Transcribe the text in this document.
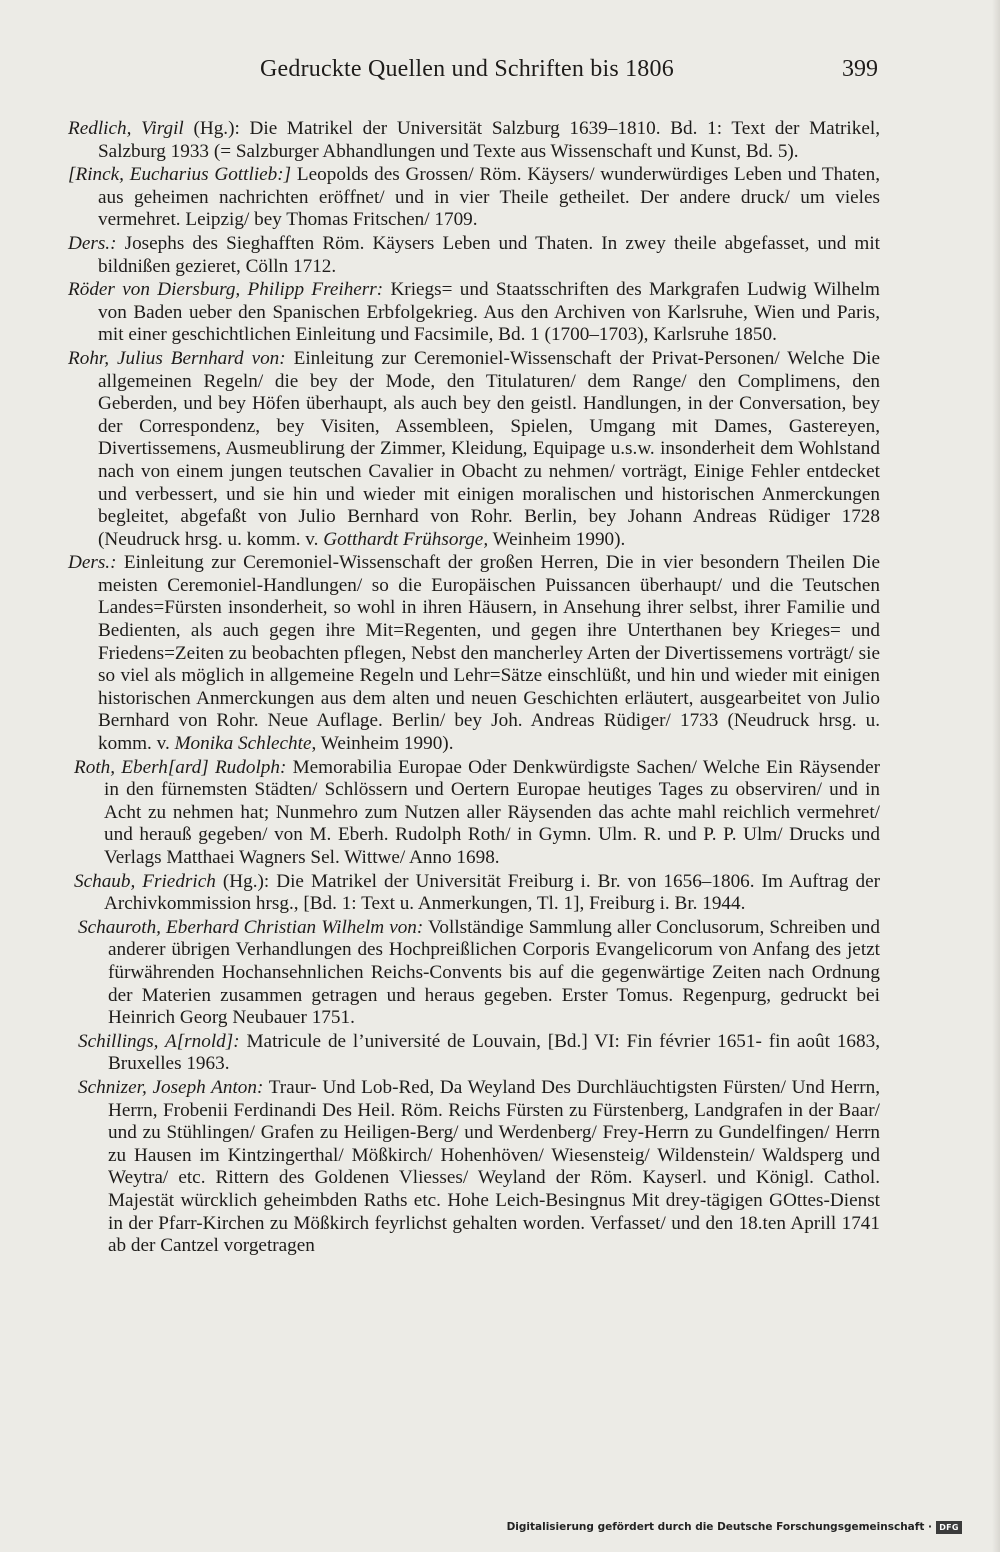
Gedruckte Quellen und Schriften bis 1806	399

Redlich, Virgil (Hg.): Die Matrikel der Universität Salzburg 1639–1810. Bd. 1: Text der Matrikel, Salzburg 1933 (= Salzburger Abhandlungen und Texte aus Wissenschaft und Kunst, Bd. 5).

[Rinck, Eucharius Gottlieb:] Leopolds des Grossen/ Röm. Käysers/ wunderwürdiges Leben und Thaten, aus geheimen nachrichten eröffnet/ und in vier Theile getheilet. Der andere druck/ um vieles vermehret. Leipzig/ bey Thomas Fritschen/ 1709.

Ders.: Josephs des Sieghafften Röm. Käysers Leben und Thaten. In zwey theile abgefasset, und mit bildnißen gezieret, Cölln 1712.

Röder von Diersburg, Philipp Freiherr: Kriegs= und Staatsschriften des Markgrafen Ludwig Wilhelm von Baden ueber den Spanischen Erbfolgekrieg. Aus den Archiven von Karlsruhe, Wien und Paris, mit einer geschichtlichen Einleitung und Facsimile, Bd. 1 (1700–1703), Karlsruhe 1850.

Rohr, Julius Bernhard von: Einleitung zur Ceremoniel-Wissenschaft der Privat-Personen/ Welche Die allgemeinen Regeln/ die bey der Mode, den Titulaturen/ dem Range/ den Complimens, den Geberden, und bey Höfen überhaupt, als auch bey den geistl. Handlungen, in der Conversation, bey der Correspondenz, bey Visiten, Assembleen, Spielen, Umgang mit Dames, Gastereyen, Divertissemens, Ausmeublirung der Zimmer, Kleidung, Equipage u.s.w. insonderheit dem Wohlstand nach von einem jungen teutschen Cavalier in Obacht zu nehmen/ vorträgt, Einige Fehler entdecket und verbessert, und sie hin und wieder mit einigen moralischen und historischen Anmerckungen begleitet, abgefaßt von Julio Bernhard von Rohr. Berlin, bey Johann Andreas Rüdiger 1728 (Neudruck hrsg. u. komm. v. Gotthardt Frühsorge, Weinheim 1990).

Ders.: Einleitung zur Ceremoniel-Wissenschaft der großen Herren, Die in vier besondern Theilen Die meisten Ceremoniel-Handlungen/ so die Europäischen Puissancen überhaupt/ und die Teutschen Landes=Fürsten insonderheit, so wohl in ihren Häusern, in Ansehung ihrer selbst, ihrer Familie und Bedienten, als auch gegen ihre Mit=Regenten, und gegen ihre Unterthanen bey Krieges= und Friedens=Zeiten zu beobachten pflegen, Nebst den mancherley Arten der Divertissemens vorträgt/ sie so viel als möglich in allgemeine Regeln und Lehr=Sätze einschlüßt, und hin und wieder mit einigen historischen Anmerckungen aus dem alten und neuen Geschichten erläutert, ausgearbeitet von Julio Bernhard von Rohr. Neue Auflage. Berlin/ bey Joh. Andreas Rüdiger/ 1733 (Neudruck hrsg. u. komm. v. Monika Schlechte, Weinheim 1990).

Roth, Eberh[ard] Rudolph: Memorabilia Europae Oder Denkwürdigste Sachen/ Welche Ein Räysender in den fürnemsten Städten/ Schlössern und Oertern Europae heutiges Tages zu observiren/ und in Acht zu nehmen hat; Nunmehro zum Nutzen aller Räysenden das achte mahl reichlich vermehret/ und herauß gegeben/ von M. Eberh. Rudolph Roth/ in Gymn. Ulm. R. und P. P. Ulm/ Drucks und Verlags Matthaei Wagners Sel. Wittwe/ Anno 1698.

Schaub, Friedrich (Hg.): Die Matrikel der Universität Freiburg i. Br. von 1656–1806. Im Auftrag der Archivkommission hrsg., [Bd. 1: Text u. Anmerkungen, Tl. 1], Freiburg i. Br. 1944.

Schauroth, Eberhard Christian Wilhelm von: Vollständige Sammlung aller Conclusorum, Schreiben und anderer übrigen Verhandlungen des Hochpreißlichen Corporis Evangelicorum von Anfang des jetzt fürwährenden Hochansehnlichen Reichs-Convents bis auf die gegenwärtige Zeiten nach Ordnung der Materien zusammen getragen und heraus gegeben. Erster Tomus. Regenpurg, gedruckt bei Heinrich Georg Neubauer 1751.

Schillings, A[rnold]: Matricule de l’université de Louvain, [Bd.] VI: Fin février 1651- fin août 1683, Bruxelles 1963.

Schnizer, Joseph Anton: Traur- Und Lob-Red, Da Weyland Des Durchläuchtigsten Fürsten/ Und Herrn, Herrn, Frobenii Ferdinandi Des Heil. Röm. Reichs Fürsten zu Fürstenberg, Landgrafen in der Baar/ und zu Stühlingen/ Grafen zu Heiligen-Berg/ und Werdenberg/ Frey-Herrn zu Gundelfingen/ Herrn zu Hausen im Kintzingerthal/ Mößkirch/ Hohenhöven/ Wiesensteig/ Wildenstein/ Waldsperg und Weytra/ etc. Rittern des Goldenen Vliesses/ Weyland der Röm. Kayserl. und Königl. Cathol. Majestät würcklich geheimbden Raths etc. Hohe Leich-Besingnus Mit drey-tägigen GOttes-Dienst in der Pfarr-Kirchen zu Mößkirch feyrlichst gehalten worden. Verfasset/ und den 18.ten Aprill 1741 ab der Cantzel vorgetragen

Digitalisierung gefördert durch die Deutsche Forschungsgemeinschaft · DFG
